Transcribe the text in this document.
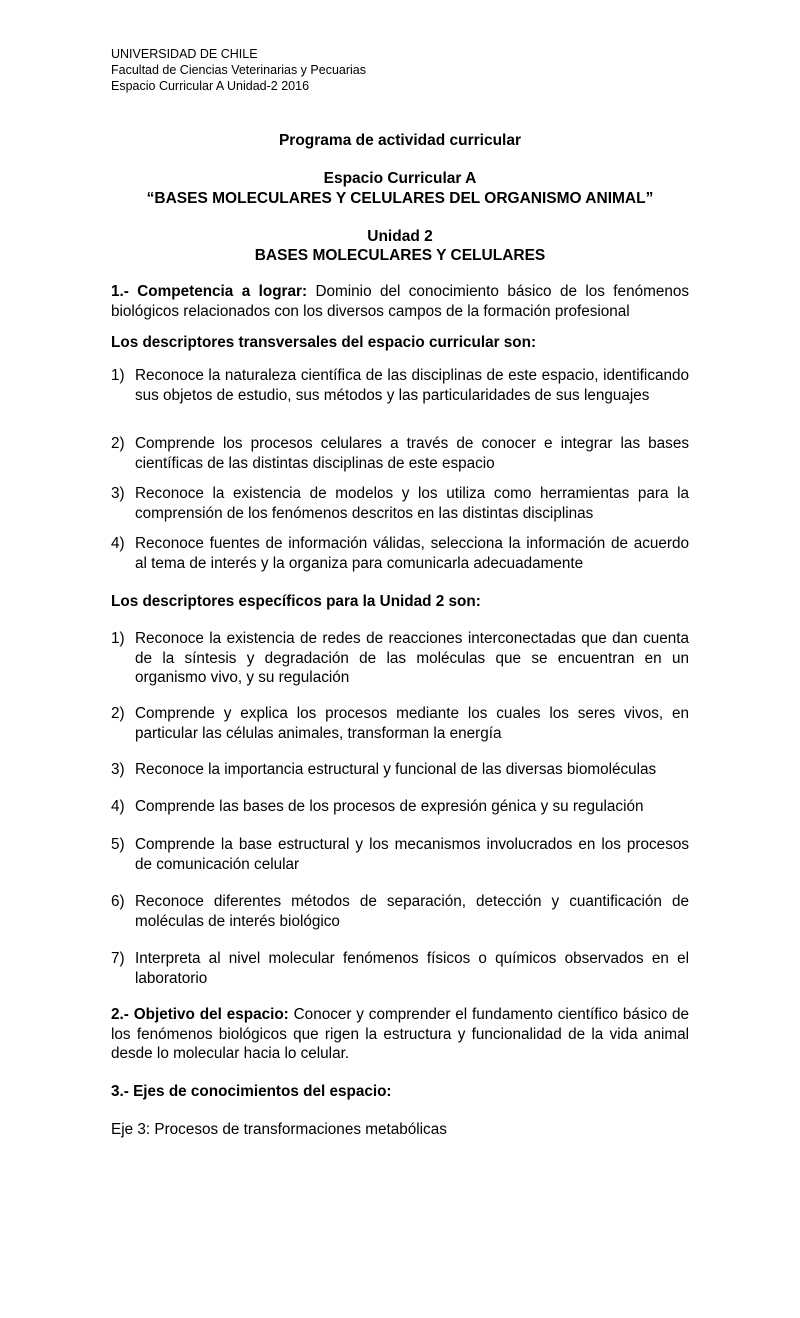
UNIVERSIDAD DE CHILE
Facultad de Ciencias Veterinarias y Pecuarias
Espacio Curricular A Unidad-2 2016
Programa de actividad curricular
Espacio Curricular A
“BASES MOLECULARES Y CELULARES DEL ORGANISMO ANIMAL”
Unidad 2
BASES MOLECULARES Y CELULARES
1.- Competencia a lograr: Dominio del conocimiento básico de los fenómenos biológicos relacionados con los diversos campos de la formación profesional
Los descriptores transversales del espacio curricular son:
1) Reconoce la naturaleza científica de las disciplinas de este espacio, identificando sus objetos de estudio, sus métodos y las particularidades de sus lenguajes
2) Comprende los procesos celulares a través de conocer e integrar las bases científicas de las distintas disciplinas de este espacio
3) Reconoce la existencia de modelos y los utiliza como herramientas para la comprensión de los fenómenos descritos en las distintas disciplinas
4) Reconoce fuentes de información válidas, selecciona la información de acuerdo al tema de interés y la organiza para comunicarla adecuadamente
Los descriptores específicos para la Unidad 2 son:
1) Reconoce la existencia de redes de reacciones interconectadas que dan cuenta de la síntesis y degradación de las moléculas que se encuentran en un organismo vivo, y su regulación
2) Comprende y explica los procesos mediante los cuales los seres vivos, en particular las células animales, transforman la energía
3) Reconoce la importancia estructural y funcional de las diversas biomoléculas
4) Comprende las bases de los procesos de expresión génica y su regulación
5) Comprende la base estructural y los mecanismos involucrados en los procesos de comunicación celular
6) Reconoce diferentes métodos de separación, detección y cuantificación de moléculas de interés biológico
7) Interpreta al nivel molecular fenómenos físicos o químicos observados en el laboratorio
2.- Objetivo del espacio: Conocer y comprender el fundamento científico básico de los fenómenos biológicos que rigen la estructura y funcionalidad de la vida animal desde lo molecular hacia lo celular.
3.- Ejes de conocimientos del espacio:
Eje 3: Procesos de transformaciones metabólicas
